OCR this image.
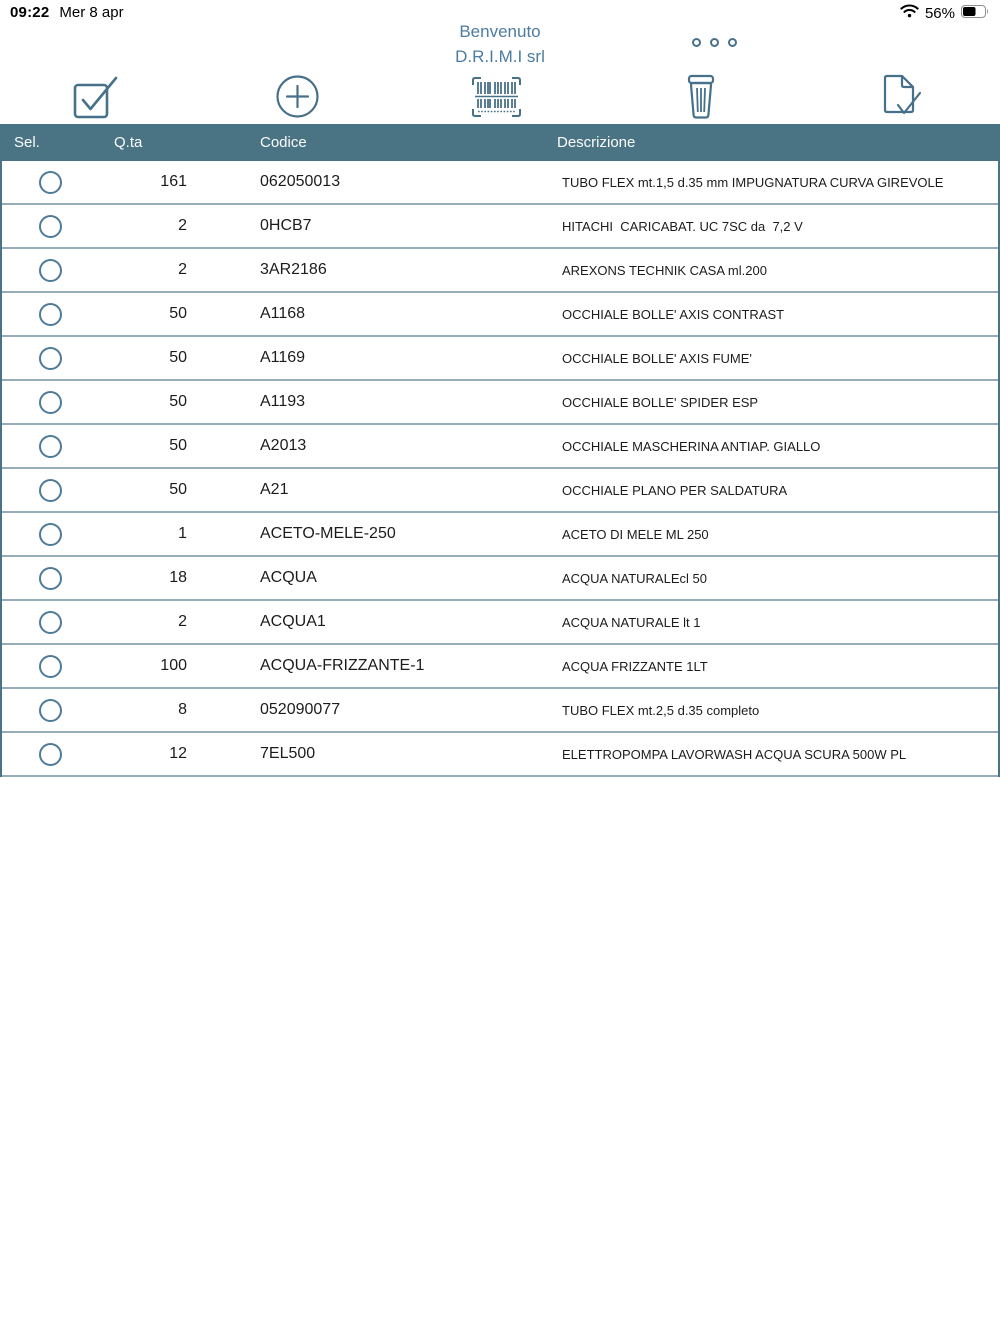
09:22 Mer 8 apr	56%
Benvenuto
D.R.I.M.I srl
Sel.	Q.ta	Codice	Descrizione
161	062050013	TUBO FLEX mt.1,5 d.35 mm IMPUGNATURA CURVA GIREVOLE
2	0HCB7	HITACHI  CARICABAT. UC 7SC da  7,2 V
2	3AR2186	AREXONS TECHNIK CASA ml.200
50	A1168	OCCHIALE BOLLE' AXIS CONTRAST
50	A1169	OCCHIALE BOLLE' AXIS FUME'
50	A1193	OCCHIALE BOLLE' SPIDER ESP
50	A2013	OCCHIALE MASCHERINA ANTIAP. GIALLO
50	A21	OCCHIALE PLANO PER SALDATURA
1	ACETO-MELE-250	ACETO DI MELE ML 250
18	ACQUA	ACQUA NATURALEcl 50
2	ACQUA1	ACQUA NATURALE lt 1
100	ACQUA-FRIZZANTE-1	ACQUA FRIZZANTE 1LT
8	052090077	TUBO FLEX mt.2,5 d.35 completo
12	7EL500	ELETTROPOMPA LAVORWASH ACQUA SCURA 500W PL
